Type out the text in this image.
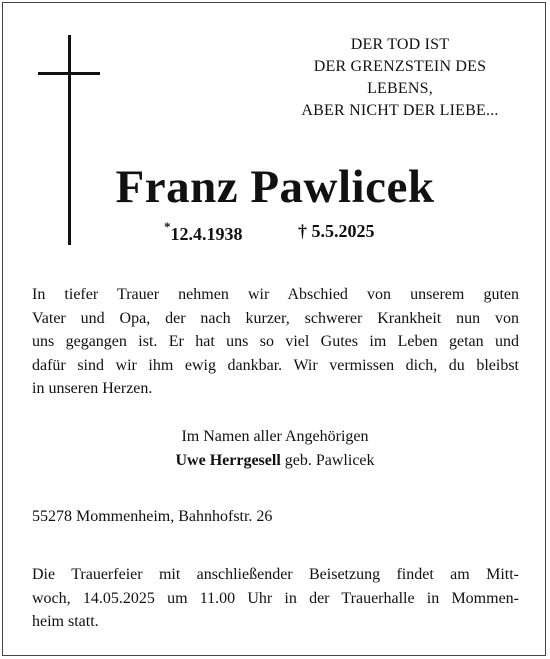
DER TOD IST
DER GRENZSTEIN DES
LEBENS,
ABER NICHT DER LIEBE...
Franz Pawlicek
*12.4.1938	† 5.5.2025
In tiefer Trauer nehmen wir Abschied von unserem guten
Vater und Opa, der nach kurzer, schwerer Krankheit nun von
uns gegangen ist. Er hat uns so viel Gutes im Leben getan und
dafür sind wir ihm ewig dankbar. Wir vermissen dich, du bleibst
in unseren Herzen.
Im Namen aller Angehörigen
Uwe Herrgesell geb. Pawlicek
55278 Mommenheim, Bahnhofstr. 26
Die Trauerfeier mit anschließender Beisetzung findet am Mitt-
woch, 14.05.2025 um 11.00 Uhr in der Trauerhalle in Mommen-
heim statt.
